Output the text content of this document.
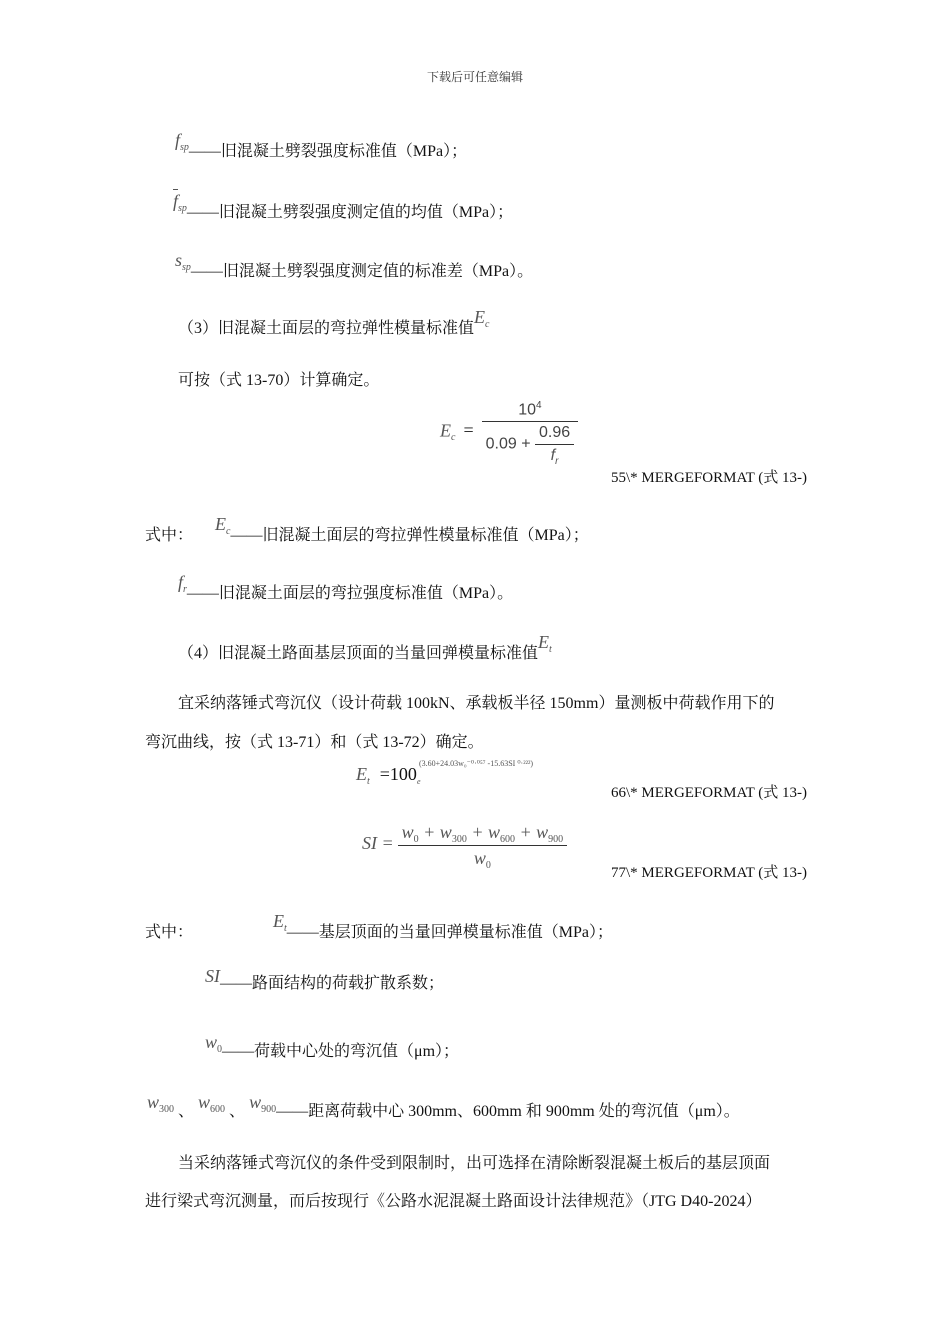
下载后可任意编辑
$f_{sp}——$旧混凝土劈裂强度标准值（MPa）；
$f_{sp}——$旧混凝土劈裂强度测定值的均值（MPa）；
$s_{sp}——$旧混凝土劈裂强度测定值的标准差（MPa）。
（3）旧混凝土面层的弯拉弹性模量标准值$E_c$
可按（式 13-70）计算确定。
$E_c = \frac{10^4}{0.09 + \frac{0.96}{f_r}}$
55\* MERGEFORMAT (式 13-)
式中：$E_c——$旧混凝土面层的弯拉弹性模量标准值（MPa）；
$f_r——$旧混凝土面层的弯拉强度标准值（MPa）。
（4）旧混凝土路面基层顶面的当量回弹模量标准值$E_t$
宜采纳落锤式弯沉仪（设计荷载 100kN、承载板半径 150mm）量测板中荷载作用下的
弯沉曲线，按（式 13-71）和（式 13-72）确定。
$E_t =100$ e
(3.60+24.03w₀⁻⁰·⁰⁵⁷ -15.63SI ⁰·²²²)

66\* MERGEFORMAT (式 13-)
SI = $\frac{w_0 + w_{300} + w_{600} + w_{900}}{w_0}$
77\* MERGEFORMAT (式 13-)
式中：$E_t——$基层顶面的当量回弹模量标准值（MPa）；
SI——路面结构的荷载扩散系数；
$w_0——$荷载中心处的弯沉值（μm）；
$w_{300}$ 、 $w_{600}$ 、 $w_{900}——$距离荷载中心 300mm、600mm 和 900mm 处的弯沉值（μm）。
当采纳落锤式弯沉仪的条件受到限制时，出可选择在清除断裂混凝土板后的基层顶面
进行梁式弯沉测量，而后按现行《公路水泥混凝土路面设计法律规范》（JTG D40-2024）
